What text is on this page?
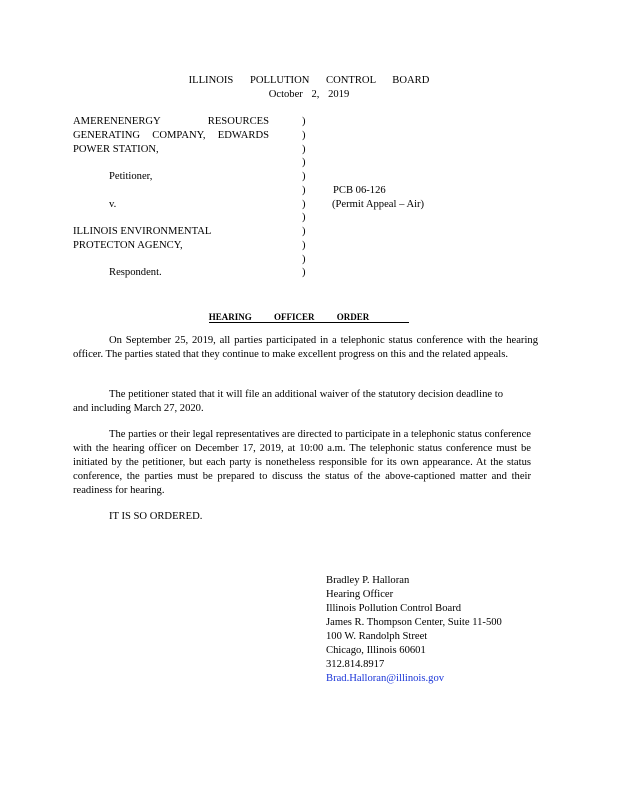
ILLINOIS POLLUTION CONTROL BOARD
October 2, 2019
AMERENENERGY RESOURCES
GENERATING COMPANY, EDWARDS
POWER STATION,
Petitioner,
v.
ILLINOIS ENVIRONMENTAL
PROTECTON AGENCY,
Respondent.
)
)
)
)
)
)
)
)
)
)
)
)
PCB 06-126
(Permit Appeal – Air)
HEARING OFFICER ORDER
On September 25, 2019, all parties participated in a telephonic status conference with the hearing officer. The parties stated that they continue to make excellent progress on this and the related appeals.
The petitioner stated that it will file an additional waiver of the statutory decision deadline to and including March 27, 2020.
The parties or their legal representatives are directed to participate in a telephonic status conference with the hearing officer on December 17, 2019, at 10:00 a.m. The telephonic status conference must be initiated by the petitioner, but each party is nonetheless responsible for its own appearance. At the status conference, the parties must be prepared to discuss the status of the above-captioned matter and their readiness for hearing.
IT IS SO ORDERED.
Bradley P. Halloran
Hearing Officer
Illinois Pollution Control Board
James R. Thompson Center, Suite 11-500
100 W. Randolph Street
Chicago, Illinois 60601
312.814.8917
Brad.Halloran@illinois.gov
